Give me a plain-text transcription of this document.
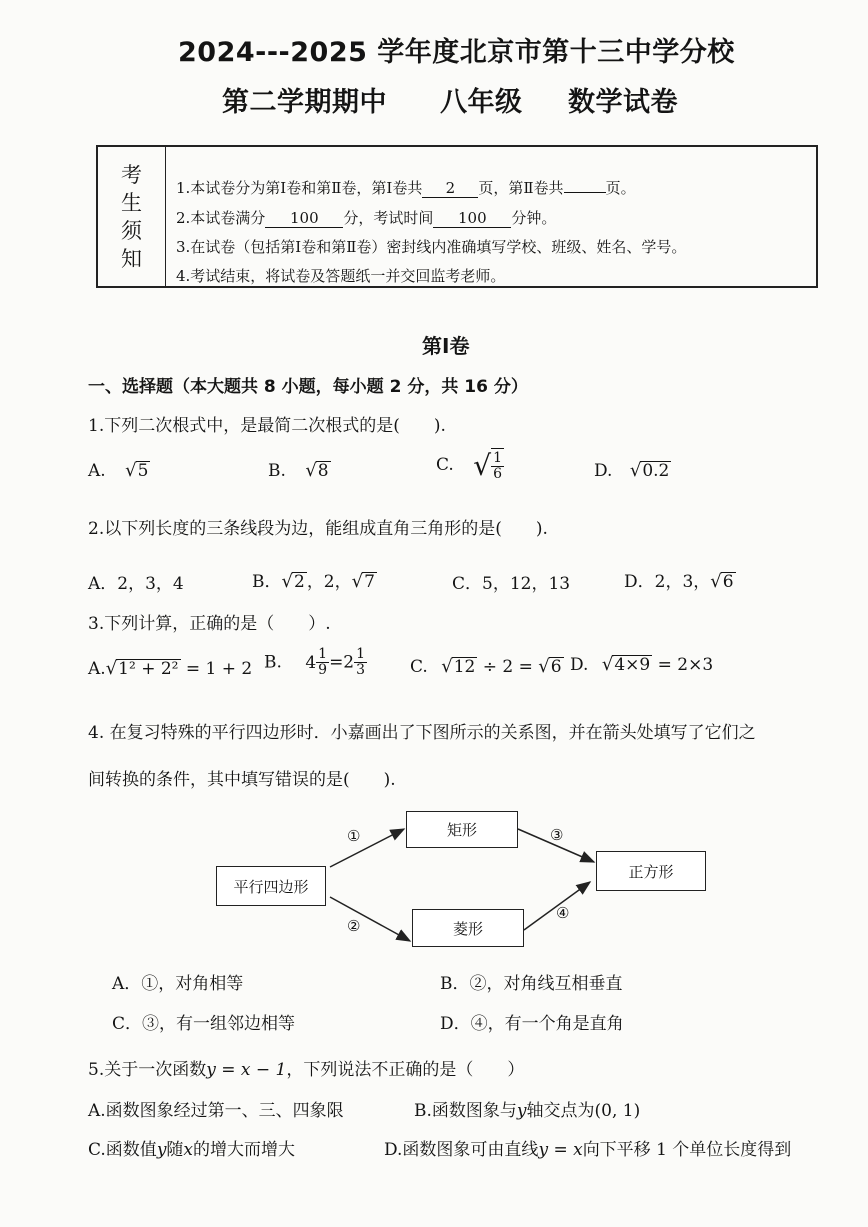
2024---2025 学年度北京市第十三中学分校
第二学期期中 八年级 数学试卷
考
生
须
知
1.本试卷分为第Ⅰ卷和第Ⅱ卷，第Ⅰ卷共 2 页，第Ⅱ卷共	页。
2.本试卷满分 100 分，考试时间 100 分钟。
3.在试卷（包括第Ⅰ卷和第Ⅱ卷）密封线内准确填写学校、班级、姓名、学号。
4.考试结束，将试卷及答题纸一并交回监考老师。
第Ⅰ卷
一、选择题（本大题共 8 小题，每小题 2 分，共 16 分）
1.下列二次根式中，是最简二次根式的是( ).
A. √5	B. √8	C. √ $\frac{1}{6}$	D. √0.2
2.以下列长度的三条线段为边，能组成直角三角形的是( ).
A．2，3，4	B．√2 ，2，√7	C．5，12，13	D．2，3，√6
3.下列计算，正确的是（ ）.
A.√1² + 2² = 1 + 2 B. $4 \frac{1}{9} =2 \frac{1}{3}$	C. √12 ÷ 2 = √6 D. √4×9 = 2×3
4. 在复习特殊的平行四边形时．小嘉画出了下图所示的关系图，并在箭头处填写了它们之
间转换的条件，其中填写错误的是( ).
平行四边形
矩形
菱形
正方形
①
②
③
④
A．①，对角相等	B．②，对角线互相垂直
C．③，有一组邻边相等	D．④，有一个角是直角
5.关于一次函数y = x − 1，下列说法不正确的是（ ）
A.函数图象经过第一、三、四象限	B.函数图象与y轴交点为(0, 1)
C.函数值y随x的增大而增大	D.函数图象可由直线y = x向下平移 1 个单位长度得到
